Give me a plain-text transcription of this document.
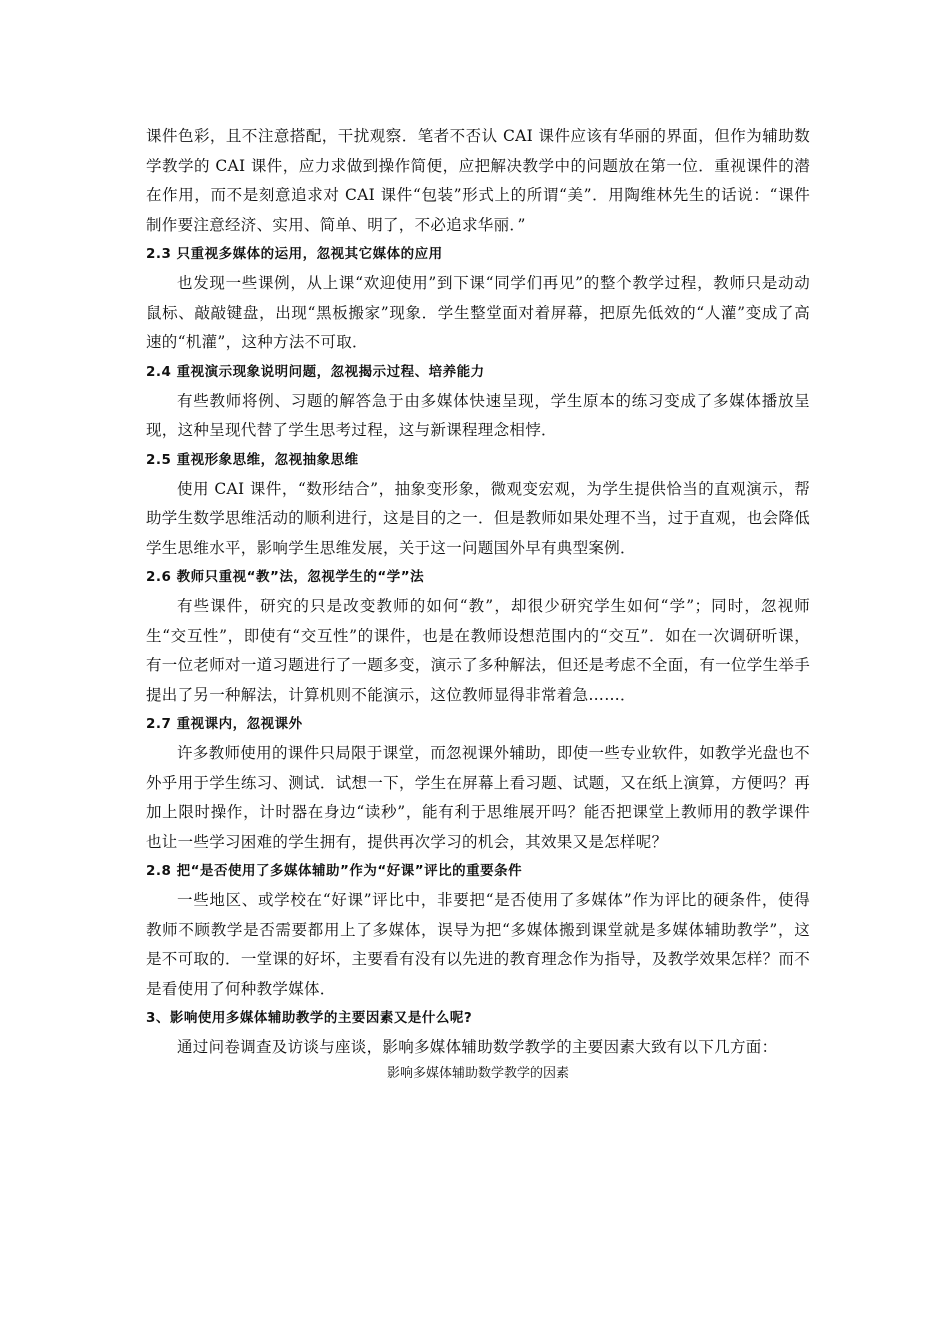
课件色彩，且不注意搭配，干扰观察．笔者不否认 CAI 课件应该有华丽的界面，但作为辅助数学教学的 CAI 课件，应力求做到操作简便，应把解决教学中的问题放在第一位．重视课件的潜在作用，而不是刻意追求对 CAI 课件“包装”形式上的所谓“美”．用陶维林先生的话说：“课件制作要注意经济、实用、简单、明了，不必追求华丽．”

2.3 只重视多媒体的运用，忽视其它媒体的应用

也发现一些课例，从上课“欢迎使用”到下课“同学们再见”的整个教学过程，教师只是动动鼠标、敲敲键盘，出现“黑板搬家”现象．学生整堂面对着屏幕，把原先低效的“人灌”变成了高速的“机灌”，这种方法不可取．

2.4 重视演示现象说明问题，忽视揭示过程、培养能力

有些教师将例、习题的解答急于由多媒体快速呈现，学生原本的练习变成了多媒体播放呈现，这种呈现代替了学生思考过程，这与新课程理念相悖．

2.5 重视形象思维，忽视抽象思维

使用 CAI 课件，“数形结合”，抽象变形象，微观变宏观，为学生提供恰当的直观演示，帮助学生数学思维活动的顺利进行，这是目的之一．但是教师如果处理不当，过于直观，也会降低学生思维水平，影响学生思维发展，关于这一问题国外早有典型案例．

2.6 教师只重视“教”法，忽视学生的“学”法

有些课件，研究的只是改变教师的如何“教”，却很少研究学生如何“学”；同时，忽视师生“交互性”，即使有“交互性”的课件，也是在教师设想范围内的“交互”．如在一次调研听课，有一位老师对一道习题进行了一题多变，演示了多种解法，但还是考虑不全面，有一位学生举手提出了另一种解法，计算机则不能演示，这位教师显得非常着急……．

2.7 重视课内，忽视课外

许多教师使用的课件只局限于课堂，而忽视课外辅助，即使一些专业软件，如教学光盘也不外乎用于学生练习、测试．试想一下，学生在屏幕上看习题、试题，又在纸上演算，方便吗？再加上限时操作，计时器在身边“读秒”，能有利于思维展开吗？能否把课堂上教师用的教学课件也让一些学习困难的学生拥有，提供再次学习的机会，其效果又是怎样呢？

2.8 把“是否使用了多媒体辅助”作为“好课”评比的重要条件

一些地区、或学校在“好课”评比中，非要把“是否使用了多媒体”作为评比的硬条件，使得教师不顾教学是否需要都用上了多媒体，误导为把“多媒体搬到课堂就是多媒体辅助教学”，这是不可取的．一堂课的好坏，主要看有没有以先进的教育理念作为指导，及教学效果怎样？而不是看使用了何种教学媒体．

3、影响使用多媒体辅助教学的主要因素又是什么呢?

通过问卷调查及访谈与座谈，影响多媒体辅助数学教学的主要因素大致有以下几方面：

影响多媒体辅助数学教学的因素
